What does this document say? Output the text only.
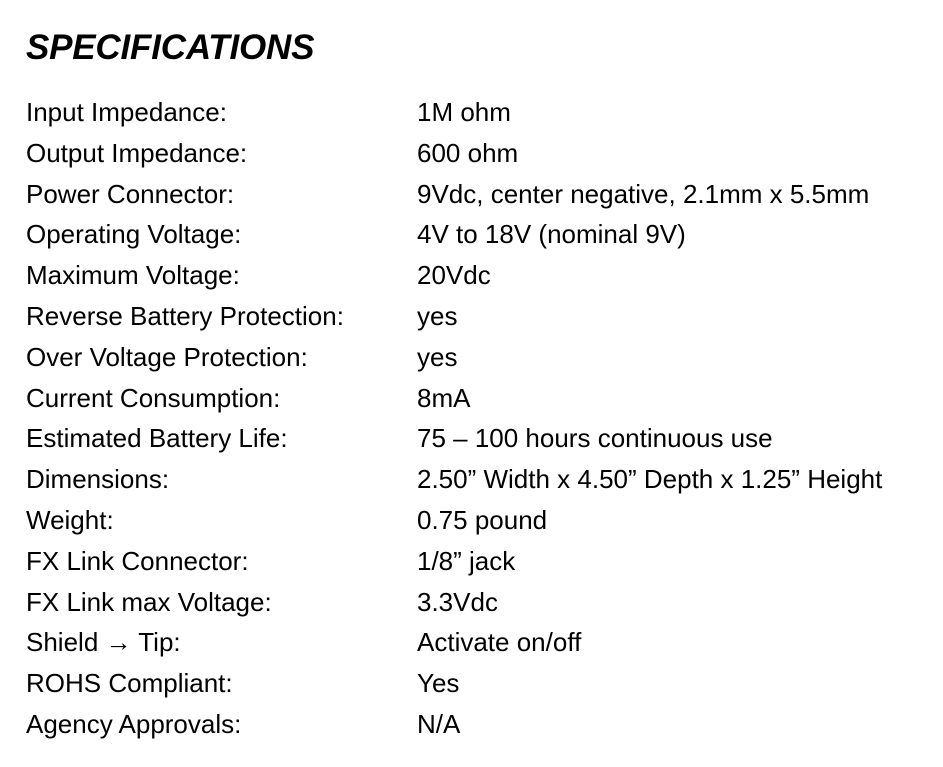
SPECIFICATIONS
Input Impedance:	1M ohm
Output Impedance:	600 ohm
Power Connector:	9Vdc, center negative, 2.1mm x 5.5mm
Operating Voltage:	4V to 18V (nominal 9V)
Maximum Voltage:	20Vdc
Reverse Battery Protection:	yes
Over Voltage Protection:	yes
Current Consumption:	8mA
Estimated Battery Life:	75 – 100 hours continuous use
Dimensions:	2.50” Width x 4.50” Depth x 1.25” Height
Weight:	0.75 pound
FX Link Connector:	1/8” jack
FX Link max Voltage:	3.3Vdc
Shield → Tip:	Activate on/off
ROHS Compliant:	Yes
Agency Approvals:	N/A
